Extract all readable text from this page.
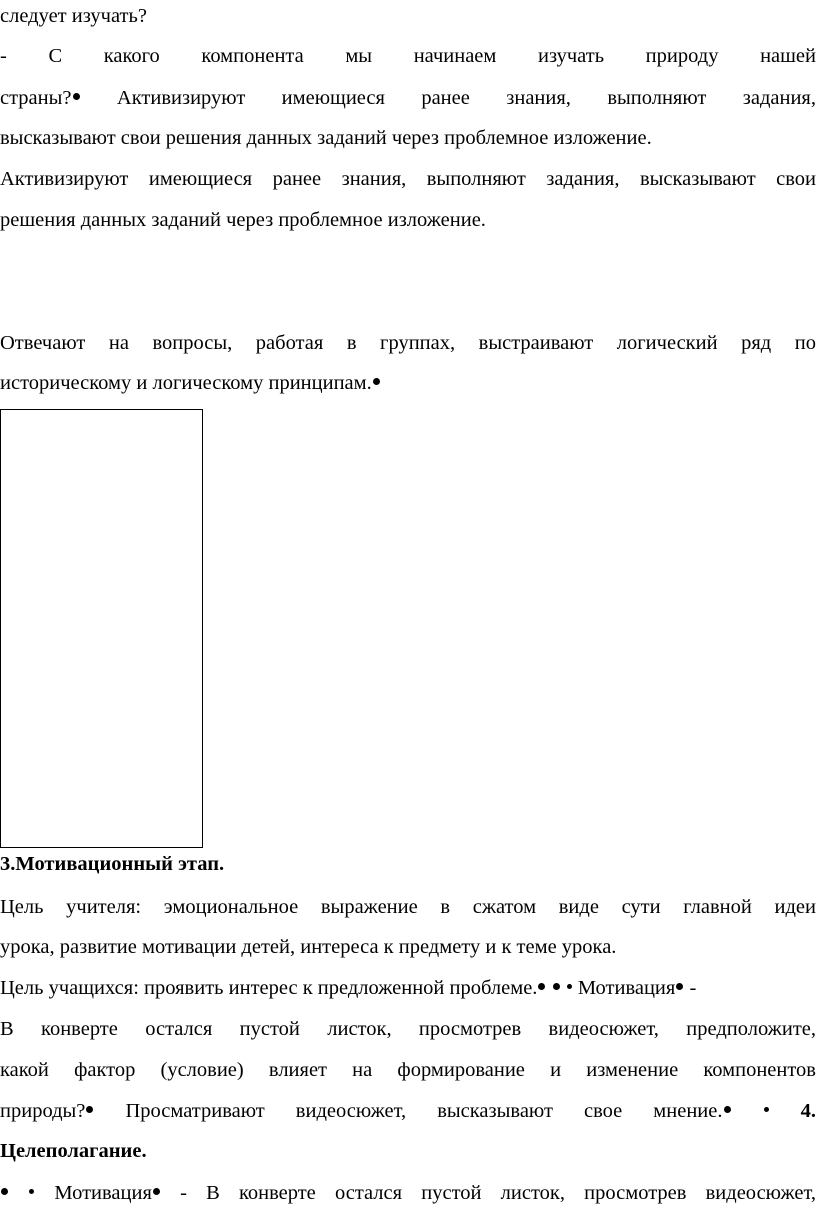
следует изучать?
- С какого компонента мы начинаем изучать природу нашей
страны? Активизируют имеющиеся ранее знания, выполняют задания,
высказывают свои решения данных заданий через проблемное изложение.
Активизируют имеющиеся ранее знания, выполняют задания, высказывают свои
решения данных заданий через проблемное изложение.
Отвечают на вопросы, работая в группах, выстраивают логический ряд по
историческому и логическому принципам.
3.Мотивационный этап.
Цель учителя: эмоциональное выражение в сжатом виде сути главной идеи
урока, развитие мотивации детей, интереса к предмету и к теме урока.
Цель учащихся: проявить интерес к предложенной проблеме.   Мотивация -
В конверте остался пустой листок, просмотрев видеосюжет, предположите,
какой фактор (условие) влияет на формирование и изменение компонентов
природы? Просматривают видеосюжет, высказывают свое мнение.  4.
Целеполагание.
Мотивация - В конверте остался пустой листок, просмотрев видеосюжет,
